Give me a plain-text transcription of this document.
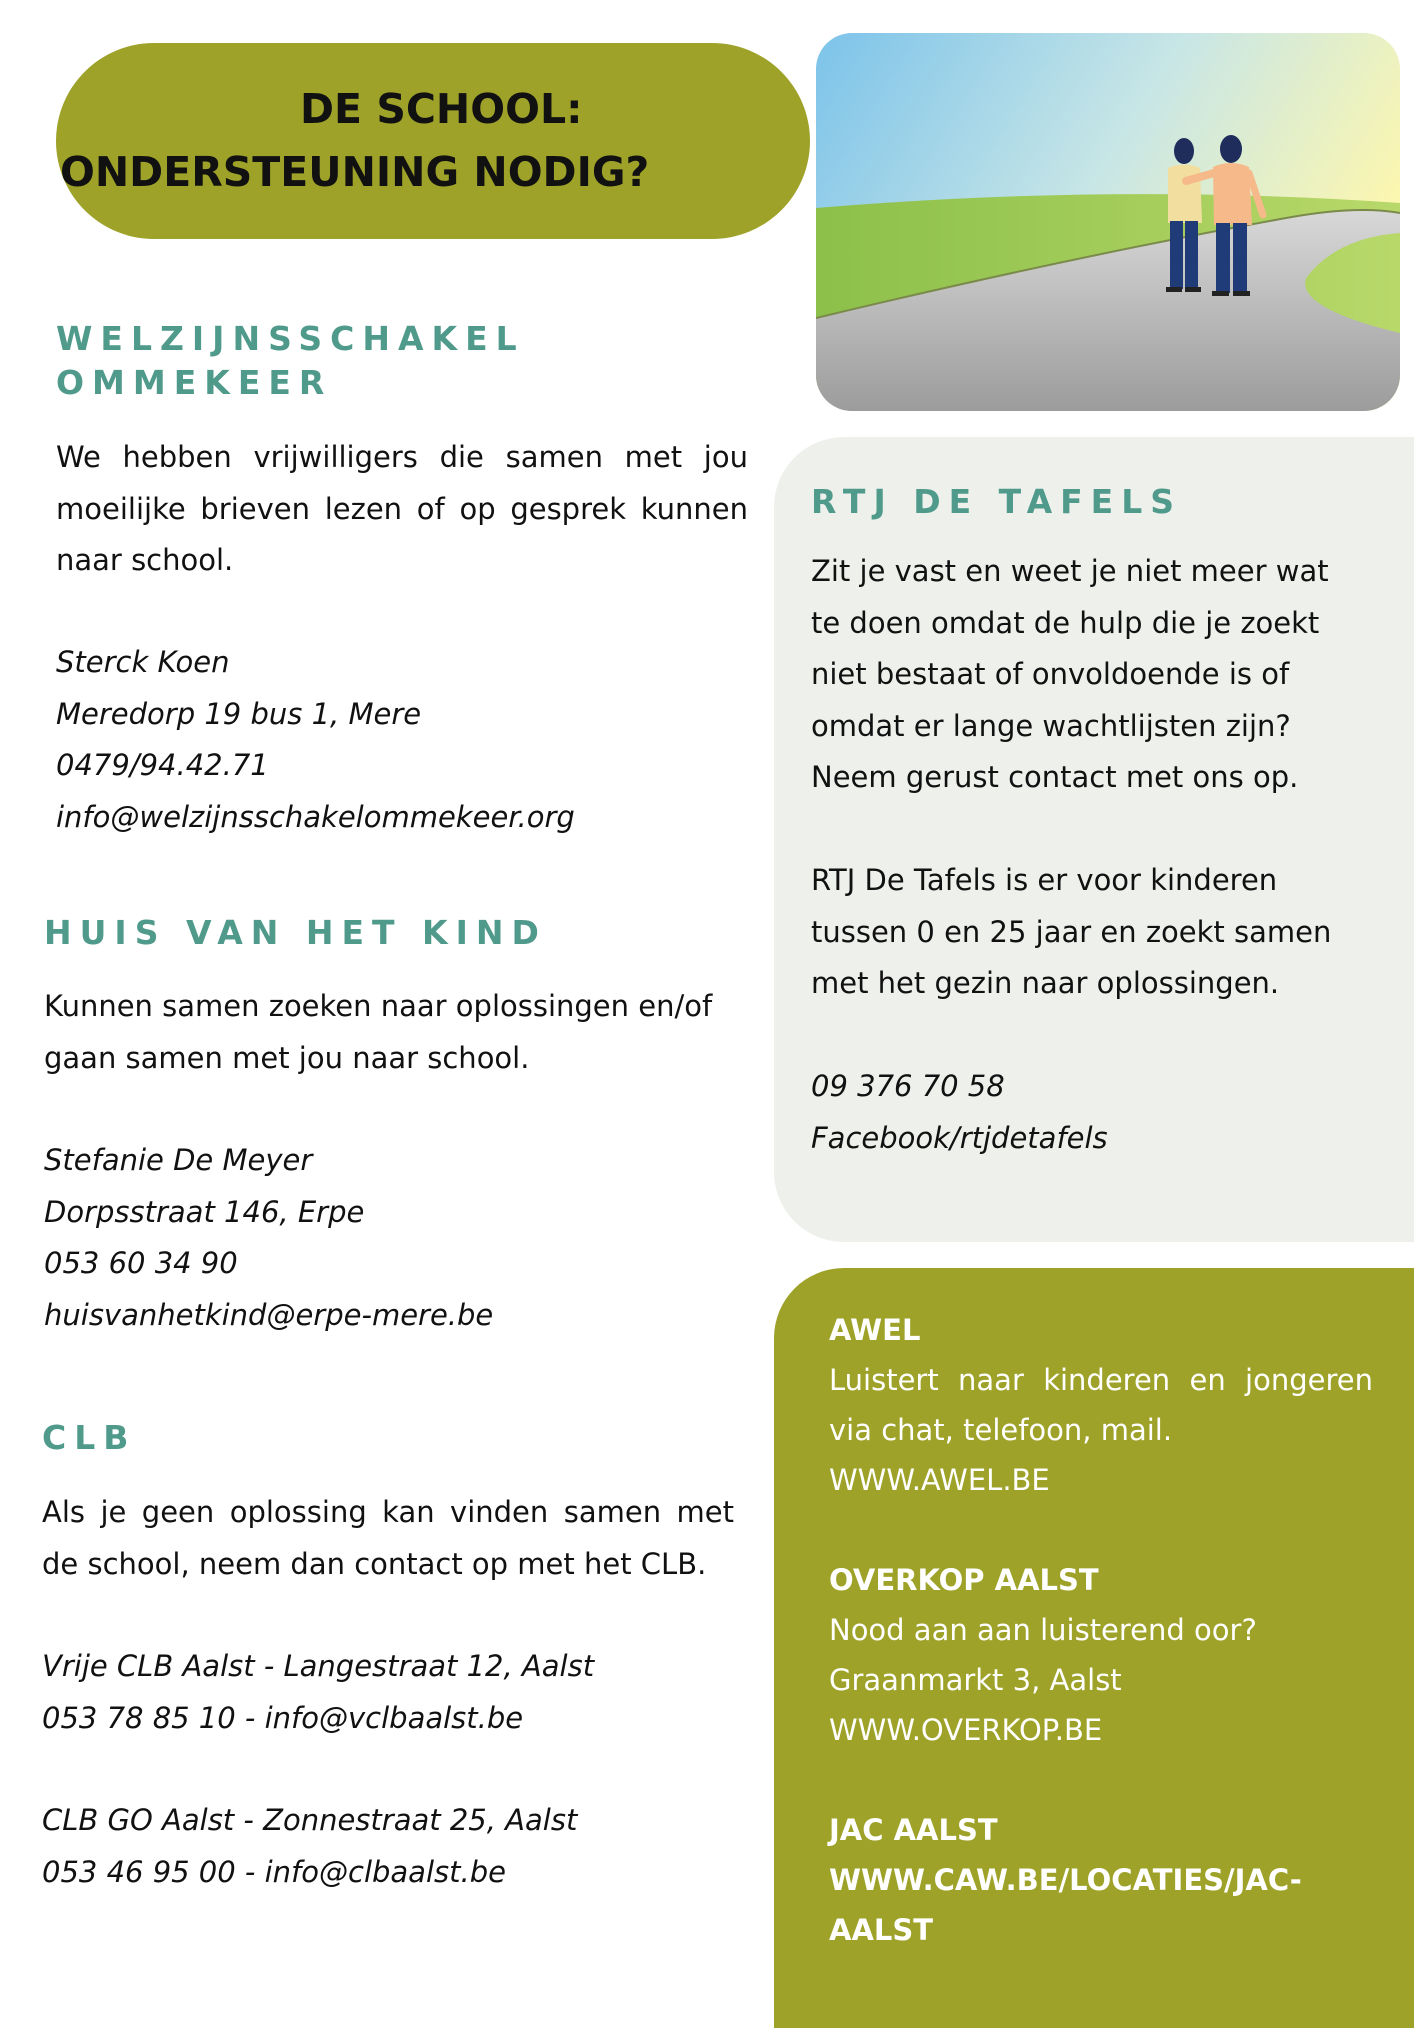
DE SCHOOL:
ONDERSTEUNING NODIG?
WELZIJNSSCHAKEL
OMMEKEER
We hebben vrijwilligers die samen met jou moeilijke brieven lezen of op gesprek kunnen naar school.
Sterck Koen
Meredorp 19 bus 1, Mere
0479/94.42.71
info@welzijnsschakelommekeer.org
HUIS VAN HET KIND
Kunnen samen zoeken naar oplossingen en/of gaan samen met jou naar school.
Stefanie De Meyer
Dorpsstraat 146, Erpe
053 60 34 90
huisvanhetkind@erpe-mere.be
CLB
Als je geen oplossing kan vinden samen met de school, neem dan contact op met het CLB.
Vrije CLB Aalst - Langestraat 12, Aalst
053 78 85 10 - info@vclbaalst.be
CLB GO Aalst - Zonnestraat 25, Aalst
053 46 95 00 - info@clbaalst.be
RTJ DE TAFELS
Zit je vast en weet je niet meer wat
te doen omdat de hulp die je zoekt
niet bestaat of onvoldoende is of
omdat er lange wachtlijsten zijn?
Neem gerust contact met ons op.
RTJ De Tafels is er voor kinderen
tussen 0 en 25 jaar en zoekt samen
met het gezin naar oplossingen.
09 376 70 58
Facebook/rtjdetafels
AWEL
Luistert naar kinderen en jongeren via chat, telefoon, mail.
WWW.AWEL.BE
OVERKOP AALST
Nood aan aan luisterend oor?
Graanmarkt 3, Aalst
WWW.OVERKOP.BE
JAC AALST
WWW.CAW.BE/LOCATIES/JAC-
AALST
